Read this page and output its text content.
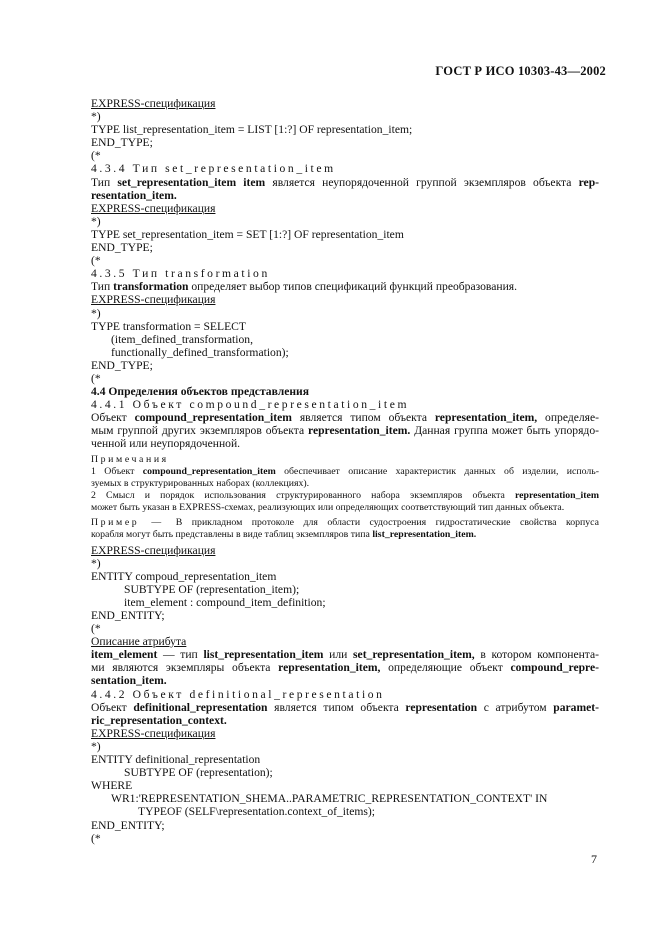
ГОСТ Р ИСО 10303-43—2002

EXPRESS-спецификация

*)

TYPE list_representation_item = LIST [1:?] OF representation_item;

END_TYPE;

(*

4.3.4 Тип set_representation_item

Тип set_representation_item item является неупорядоченной группой экземпляров объекта rep-

resentation_item.

EXPRESS-спецификация

*)

TYPE set_representation_item = SET [1:?] OF representation_item

END_TYPE;

(*

4.3.5 Тип transformation

Тип transformation определяет выбор типов спецификаций функций преобразования.

EXPRESS-спецификация

*)

TYPE transformation = SELECT

(item_defined_transformation,

functionally_defined_transformation);

END_TYPE;

(*

4.4 Определения объектов представления

4.4.1 Объект compound_representation_item

Объект compound_representation_item является типом объекта representation_item, определяе-

мым группой других экземпляров объекта representation_item. Данная группа может быть упорядо-

ченной или неупорядоченной.

Примечания

1 Объект compound_representation_item обеспечивает описание характеристик данных об изделии, исполь-

зуемых в структурированных наборах (коллекциях).

2 Смысл и порядок использования структурированного набора экземпляров объекта representation_item

может быть указан в EXPRESS-схемах, реализующих или определяющих соответствующий тип данных объекта.

Пример — В прикладном протоколе для области судостроения гидростатические свойства корпуса

корабля могут быть представлены в виде таблиц экземпляров типа list_representation_item.

EXPRESS-спецификация

*)

ENTITY compoud_representation_item

SUBTYPE OF (representation_item);

item_element : compound_item_definition;

END_ENTITY;

(*

Описание атрибута

item_element — тип list_representation_item или set_representation_item, в котором компонента-

ми являются экземпляры объекта representation_item, определяющие объект compound_repre-

sentation_item.

4.4.2 Объект definitional_representation

Объект definitional_representation является типом объекта representation с атрибутом paramet-

ric_representation_context.

EXPRESS-спецификация

*)

ENTITY definitional_representation

SUBTYPE OF (representation);

WHERE

WR1:'REPRESENTATION_SHEMA..PARAMETRIC_REPRESENTATION_CONTEXT' IN

TYPEOF (SELF\representation.context_of_items);

END_ENTITY;

(*

7
